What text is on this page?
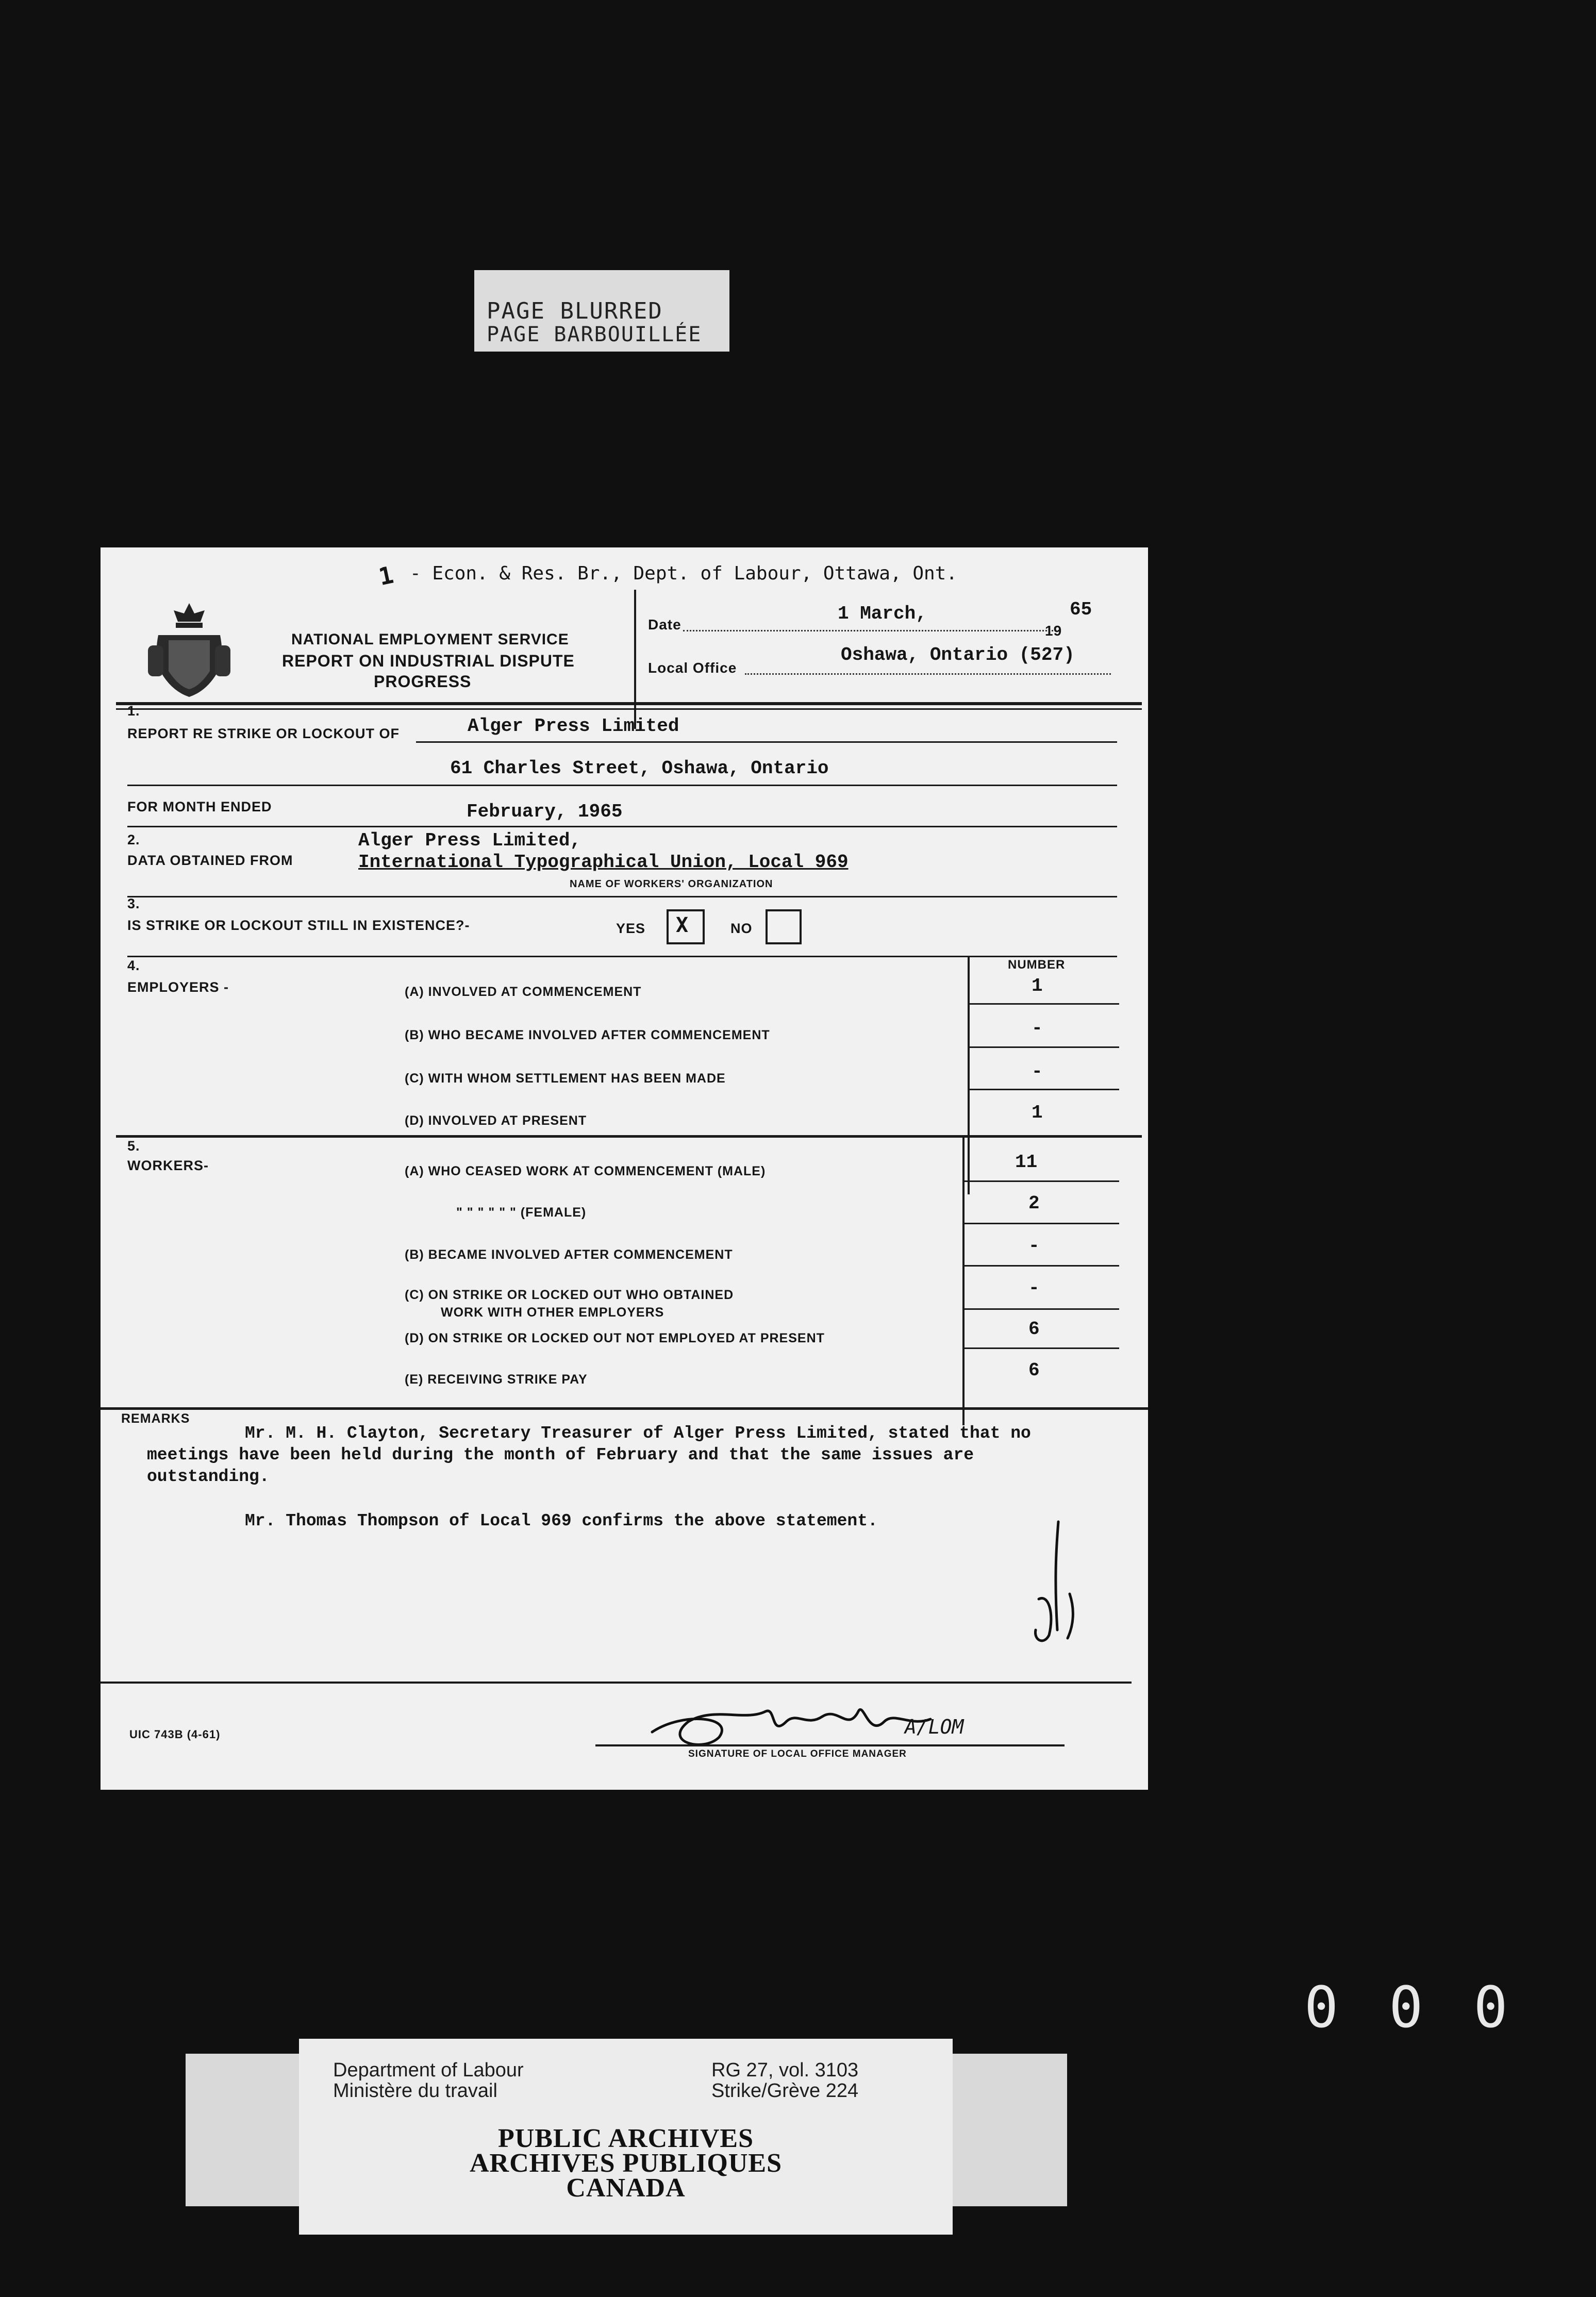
PAGE BLURRED
PAGE BARBOUILLÉE
1 - Econ. & Res. Br., Dept. of Labour, Ottawa, Ont.
NATIONAL EMPLOYMENT SERVICE
REPORT ON INDUSTRIAL DISPUTE
PROGRESS
Date
1 March,
19
65
Local Office
Oshawa, Ontario (527)
1.
REPORT RE STRIKE OR LOCKOUT OF	Alger Press Limited
61 Charles Street, Oshawa, Ontario
FOR MONTH ENDED	February, 1965
2.
DATA OBTAINED FROM
Alger Press Limited,
International Typographical Union, Local 969
NAME OF WORKERS' ORGANIZATION
3.
IS STRIKE OR LOCKOUT STILL IN EXISTENCE?-	YES X	NO
4.
EMPLOYERS -
NUMBER
(A) INVOLVED AT COMMENCEMENT	1
(B) WHO BECAME INVOLVED AFTER COMMENCEMENT	-
(C) WITH WHOM SETTLEMENT HAS BEEN MADE	-
(D) INVOLVED AT PRESENT	1
5.
WORKERS-	(A) WHO CEASED WORK AT COMMENCEMENT (MALE)	11
" " " " " " (FEMALE)	2
(B) BECAME INVOLVED AFTER COMMENCEMENT	-
(C) ON STRIKE OR LOCKED OUT WHO OBTAINED
WORK WITH OTHER EMPLOYERS
-
(D) ON STRIKE OR LOCKED OUT NOT EMPLOYED AT PRESENT	6
(E) RECEIVING STRIKE PAY	6
REMARKS
Mr. M. H. Clayton, Secretary Treasurer of Alger Press Limited, stated that no
meetings have been held during the month of February and that the same issues are
outstanding.
Mr. Thomas Thompson of Local 969 confirms the above statement.
UIC 743B (4-61)	A/LOM
SIGNATURE OF LOCAL OFFICE MANAGER
000
Department of Labour
Ministère du travail
RG 27, vol. 3103
Strike/Grève 224
PUBLIC ARCHIVES
ARCHIVES PUBLIQUES
CANADA
